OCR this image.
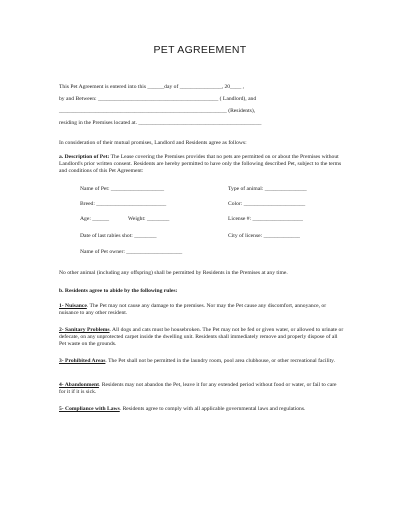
PET AGREEMENT
This Pet Agreement is entered into this ______day of _______________, 20____ ,
by and Between: ___________________________________________ ( Landlord), and
____________________________________________________________ (Residents),
residing in the Premises located at. ____________________________________________
In consideration of their mutual promises, Landlord and Residents agree as follows:
a. Description of Pet: The Lease covering the Premises provides that no pets are permitted on or about the Premises without Landlord's prior written consent. Residents are hereby permitted to have only the following described Pet, subject to the terms and conditions of this Pet Agreement:
Name of Pet: ___________________	Type of animal: _______________
Breed: _________________________	Color: ______________________
Age: ______	Weight: ________	License #: __________________
Date of last rabies shot: ________	City of license: _____________
Name of Pet owner: ____________________
No other animal (including any offspring) shall be permitted by Residents in the Premises at any time.
b. Residents agree to abide by the following rules:
1- Nuisance. The Pet may not cause any damage to the premises. Nor may the Pet cause any discomfort, annoyance, or nuisance to any other resident.
2- Sanitary Problems. All dogs and cats must be housebroken. The Pet may not be fed or given water, or allowed to urinate or defecate, on any unprotected carpet inside the dwelling unit. Residents shall immediately remove and properly dispose of all Pet waste on the grounds.
3- Prohibited Areas. The Pet shall not be permitted in the laundry room, pool area clubhouse, or other recreational facility.
4- Abandonment. Residents may not abandon the Pet, leave it for any extended period without food or water, or fail to care for it if it is sick.
5- Compliance with Laws. Residents agree to comply with all applicable governmental laws and regulations.
